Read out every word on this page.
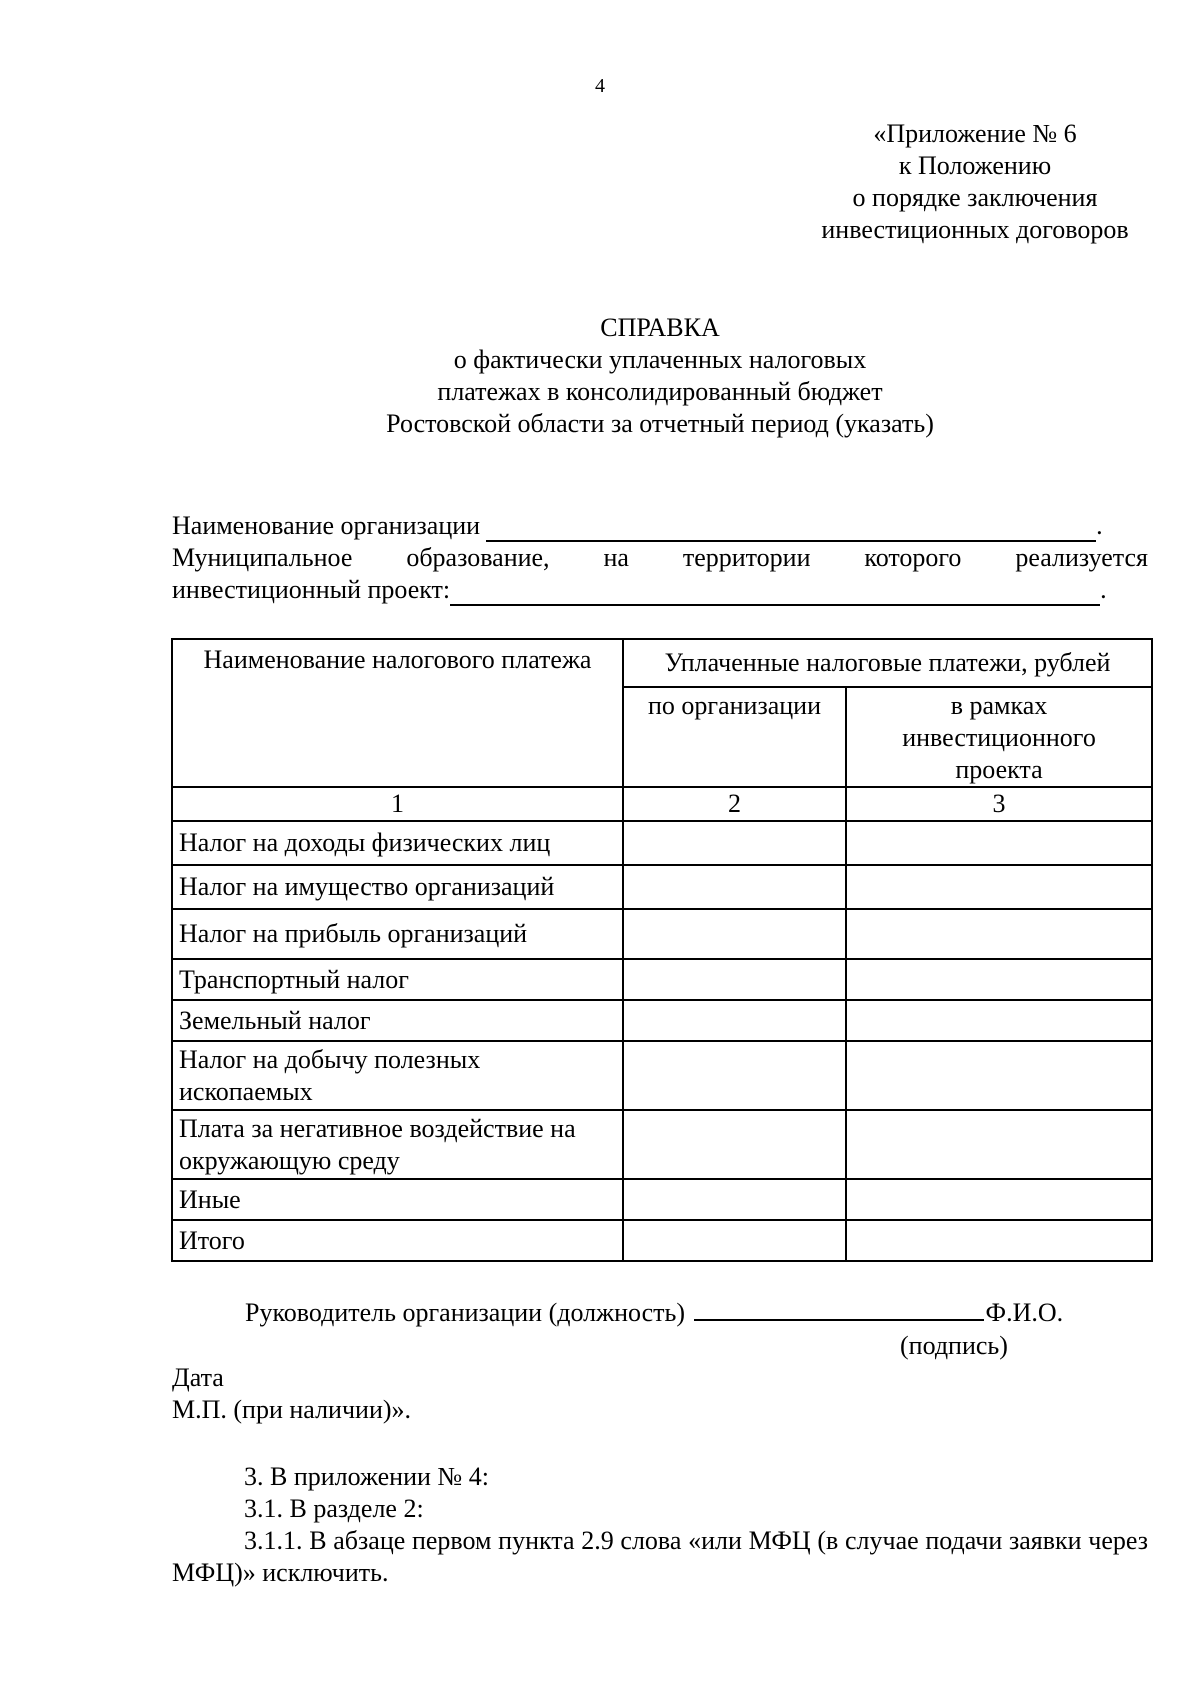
4
«Приложение № 6
к Положению
о порядке заключения
инвестиционных договоров
СПРАВКА
о фактически уплаченных налоговых
платежах в консолидированный бюджет
Ростовской области за отчетный период (указать)
Наименование организации	.
Муниципальное образование, на территории которого реализуется
инвестиционный проект:	.
Наименование налогового платежа	Уплаченные налоговые платежи, рублей	
	по организации	в рамках инвестиционного проекта
1	2	3
Налог на доходы физических лиц		
Налог на имущество организаций		
Налог на прибыль организаций		
Транспортный налог		
Земельный налог		
Налог на добычу полезных ископаемых		
Плата за негативное воздействие на окружающую среду		
Иные		
Итого		
Руководитель организации (должность)	Ф.И.О.
(подпись)
Дата
М.П. (при наличии)».
3. В приложении № 4:
3.1. В разделе 2:
3.1.1. В абзаце первом пункта 2.9 слова «или МФЦ (в случае подачи заявки через МФЦ)» исключить.
